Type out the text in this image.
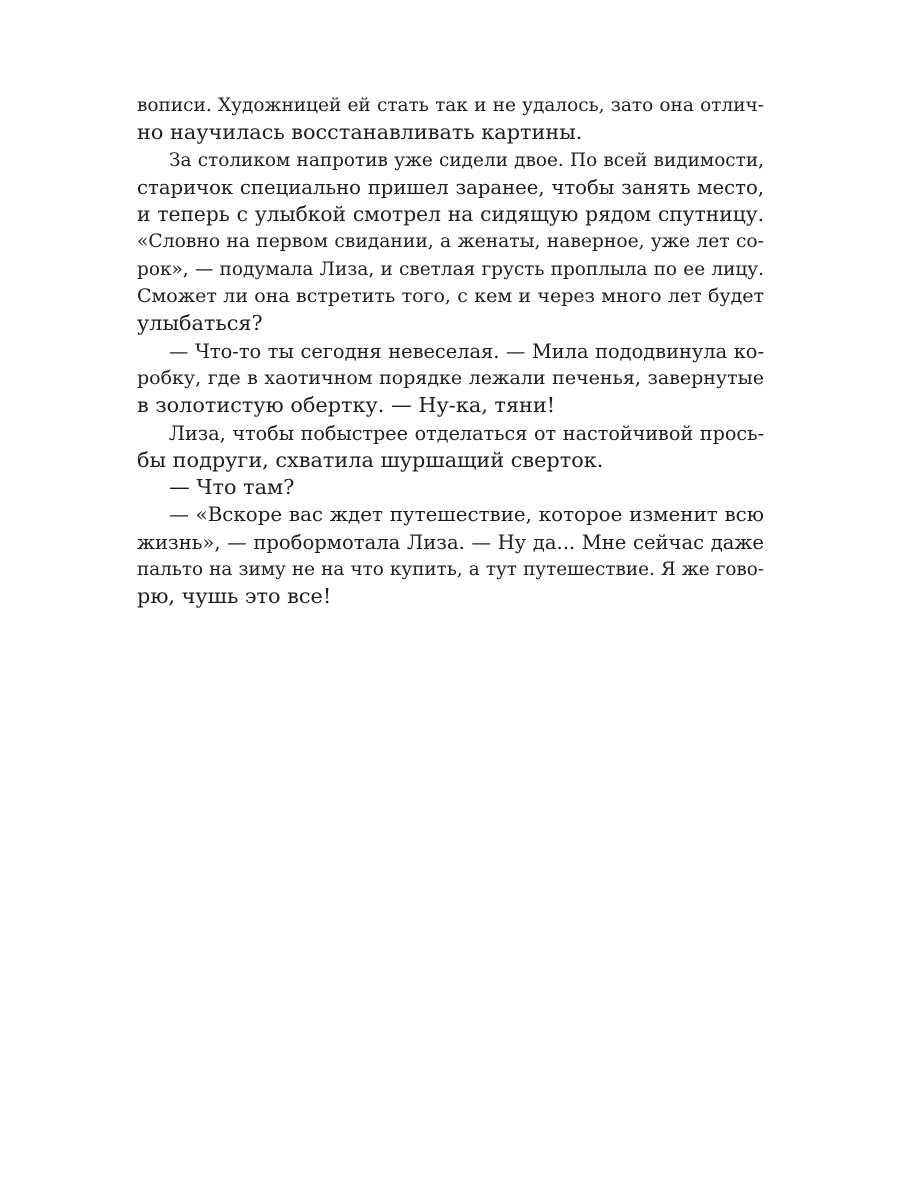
вописи. Художницей ей стать так и не удалось, зато она отлич-
но научилась восстанавливать картины.
За столиком напротив уже сидели двое. По всей видимости,
старичок специально пришел заранее, чтобы занять место,
и теперь с улыбкой смотрел на сидящую рядом спутницу.
«Словно на первом свидании, а женаты, наверное, уже лет со-
рок», — подумала Лиза, и светлая грусть проплыла по ее лицу.
Сможет ли она встретить того, с кем и через много лет будет
улыбаться?
— Что-то ты сегодня невеселая. — Мила пододвинула ко-
робку, где в хаотичном порядке лежали печенья, завернутые
в золотистую обертку. — Ну-ка, тяни!
Лиза, чтобы побыстрее отделаться от настойчивой прось-
бы подруги, схватила шуршащий сверток.
— Что там?
— «Вскоре вас ждет путешествие, которое изменит всю
жизнь», — пробормотала Лиза. — Ну да... Мне сейчас даже
пальто на зиму не на что купить, а тут путешествие. Я же гово-
рю, чушь это все!
